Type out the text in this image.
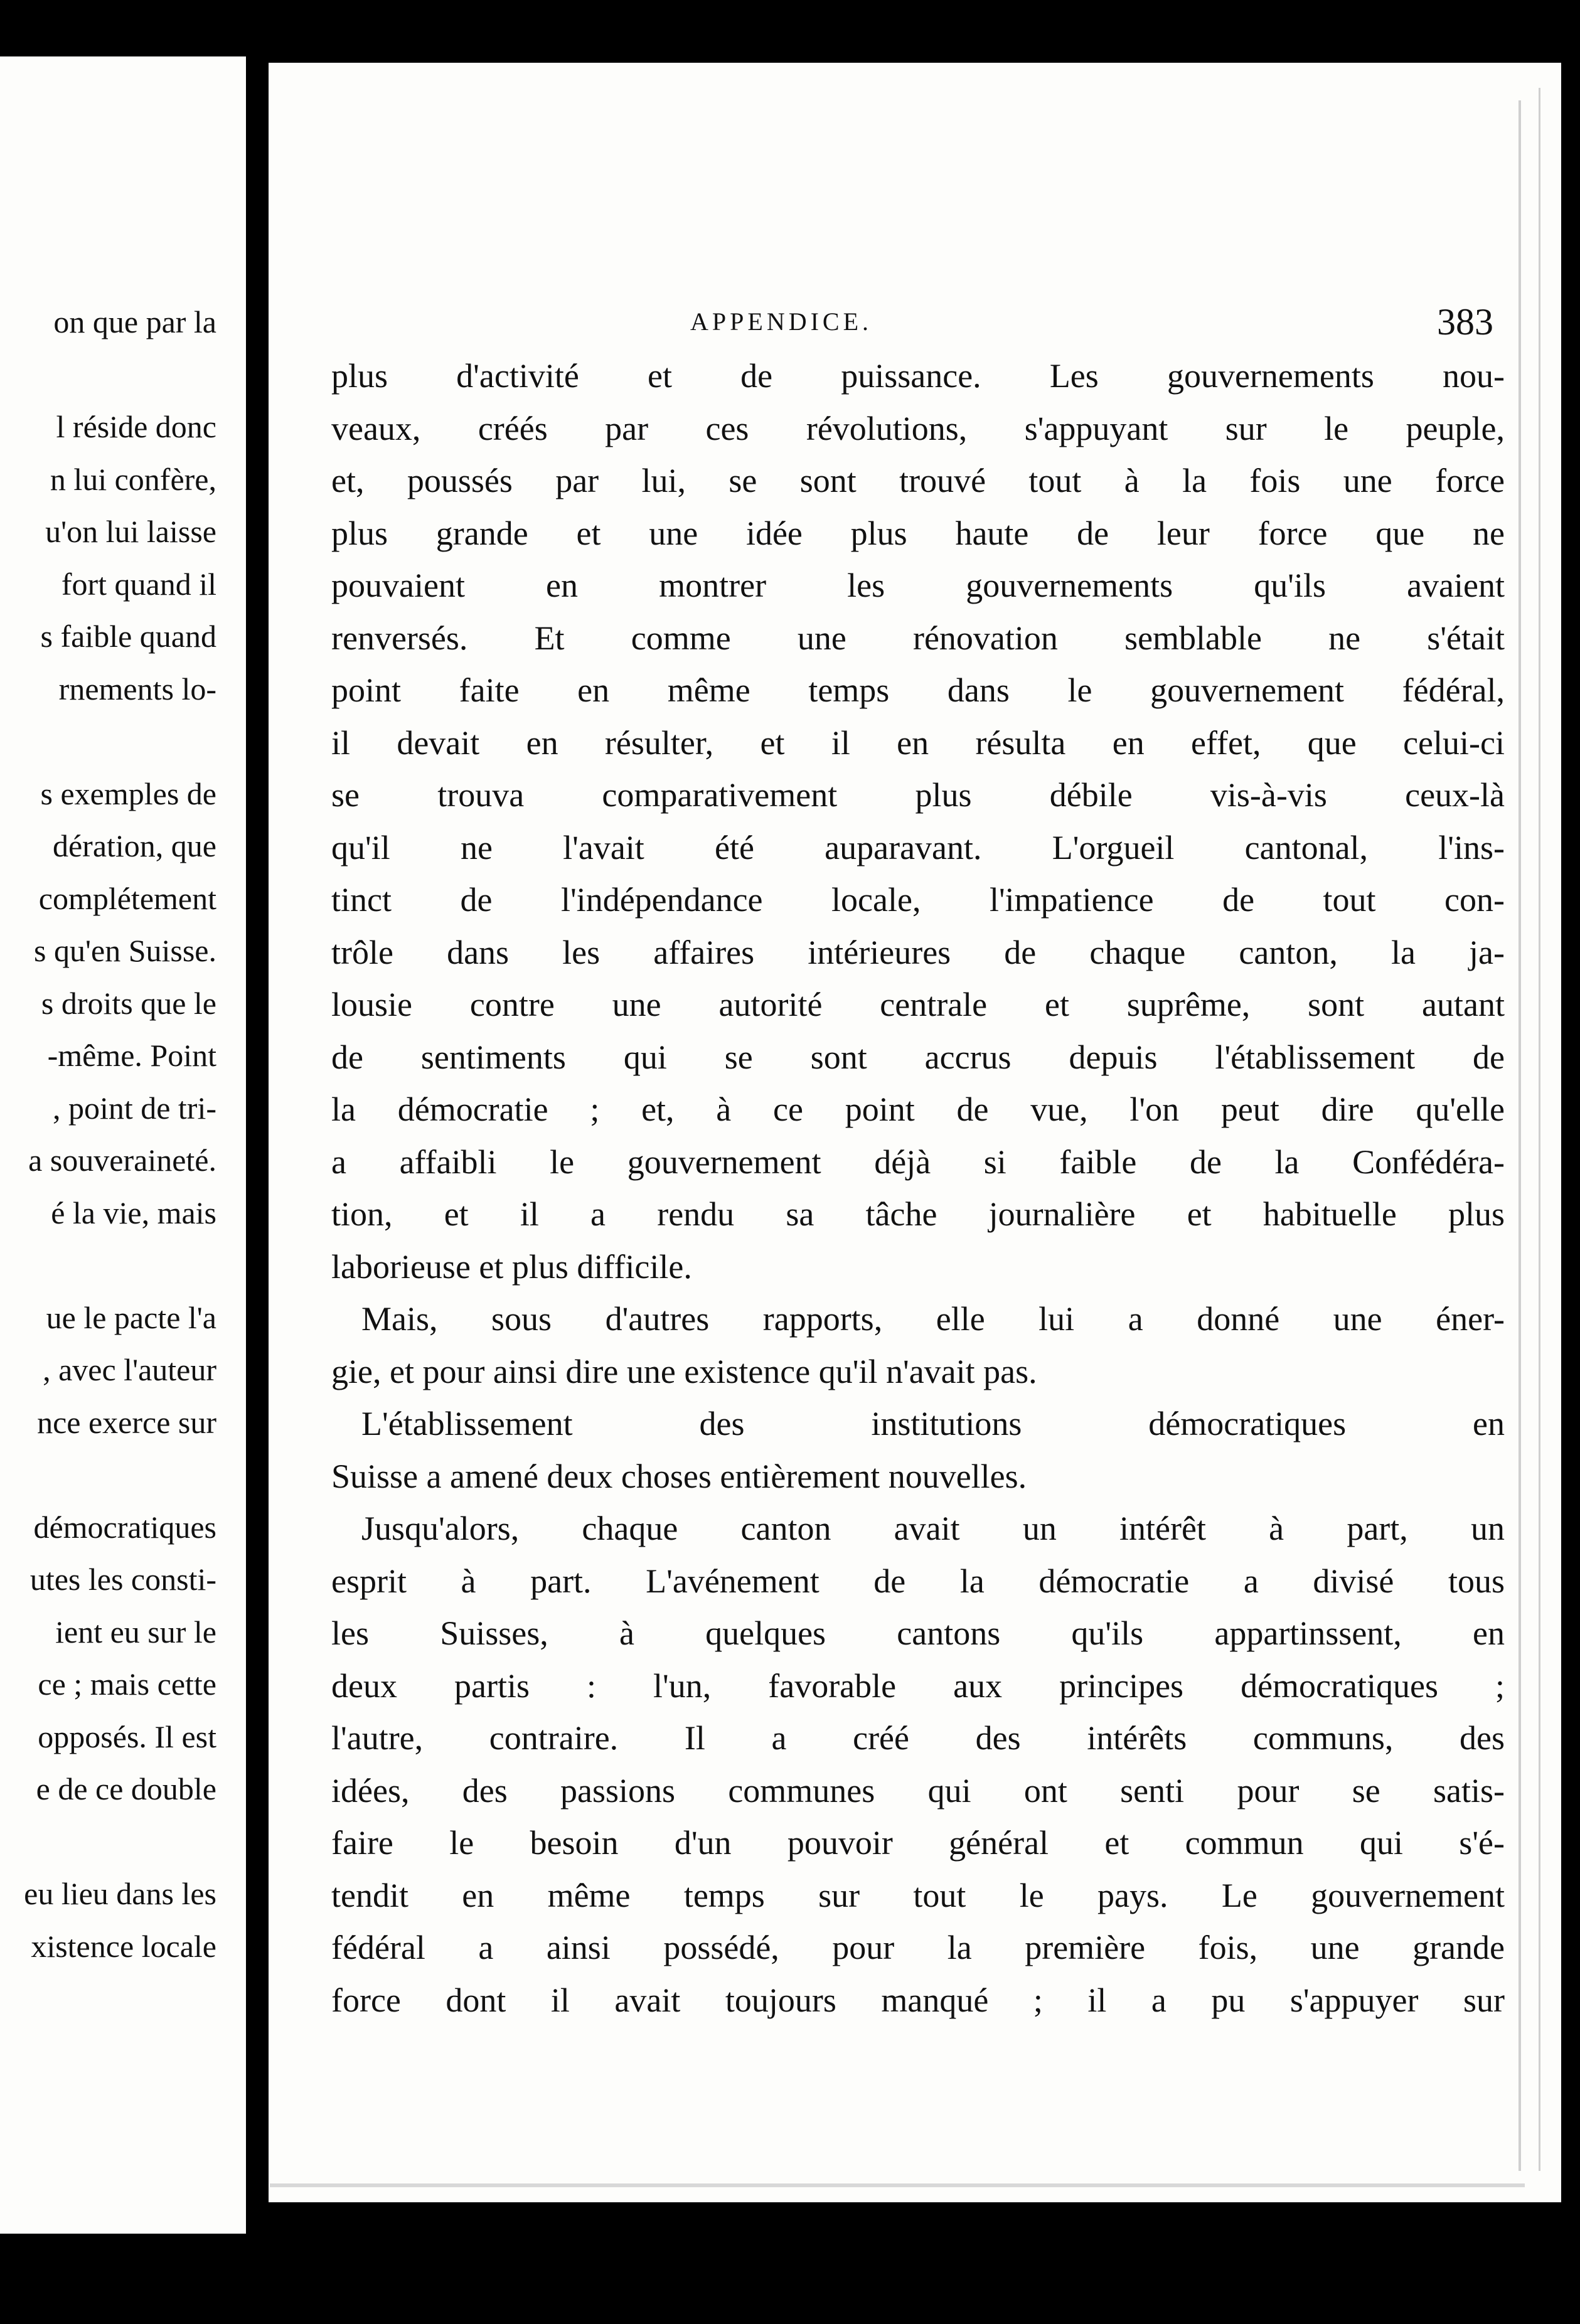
on que par la
l réside donc
n lui confère,
u'on lui laisse
fort quand il
s faible quand
rnements lo-
s exemples de
dération, que
complétement
s qu'en Suisse.
s droits que le
-même. Point
, point de tri-
a souveraineté.
é la vie, mais
ue le pacte l'a
, avec l'auteur
nce exerce sur
démocratiques
utes les consti-
ient eu sur le
ce ; mais cette
opposés. Il est
e de ce double
eu lieu dans les
xistence locale
APPENDICE.	383
plus d'activité et de puissance. Les gouvernements nou-
veaux, créés par ces révolutions, s'appuyant sur le peuple,
et, poussés par lui, se sont trouvé tout à la fois une force
plus grande et une idée plus haute de leur force que ne
pouvaient en montrer les gouvernements qu'ils avaient
renversés. Et comme une rénovation semblable ne s'était
point faite en même temps dans le gouvernement fédéral,
il devait en résulter, et il en résulta en effet, que celui-ci
se trouva comparativement plus débile vis-à-vis ceux-là
qu'il ne l'avait été auparavant. L'orgueil cantonal, l'ins-
tinct de l'indépendance locale, l'impatience de tout con-
trôle dans les affaires intérieures de chaque canton, la ja-
lousie contre une autorité centrale et suprême, sont autant
de sentiments qui se sont accrus depuis l'établissement de
la démocratie ; et, à ce point de vue, l'on peut dire qu'elle
a affaibli le gouvernement déjà si faible de la Confédéra-
tion, et il a rendu sa tâche journalière et habituelle plus
laborieuse et plus difficile.
Mais, sous d'autres rapports, elle lui a donné une éner-
gie, et pour ainsi dire une existence qu'il n'avait pas.
L'établissement des institutions démocratiques en
Suisse a amené deux choses entièrement nouvelles.
Jusqu'alors, chaque canton avait un intérêt à part, un
esprit à part. L'avénement de la démocratie a divisé tous
les Suisses, à quelques cantons qu'ils appartinssent, en
deux partis : l'un, favorable aux principes démocratiques ;
l'autre, contraire. Il a créé des intérêts communs, des
idées, des passions communes qui ont senti pour se satis-
faire le besoin d'un pouvoir général et commun qui s'é-
tendit en même temps sur tout le pays. Le gouvernement
fédéral a ainsi possédé, pour la première fois, une grande
force dont il avait toujours manqué ; il a pu s'appuyer sur
